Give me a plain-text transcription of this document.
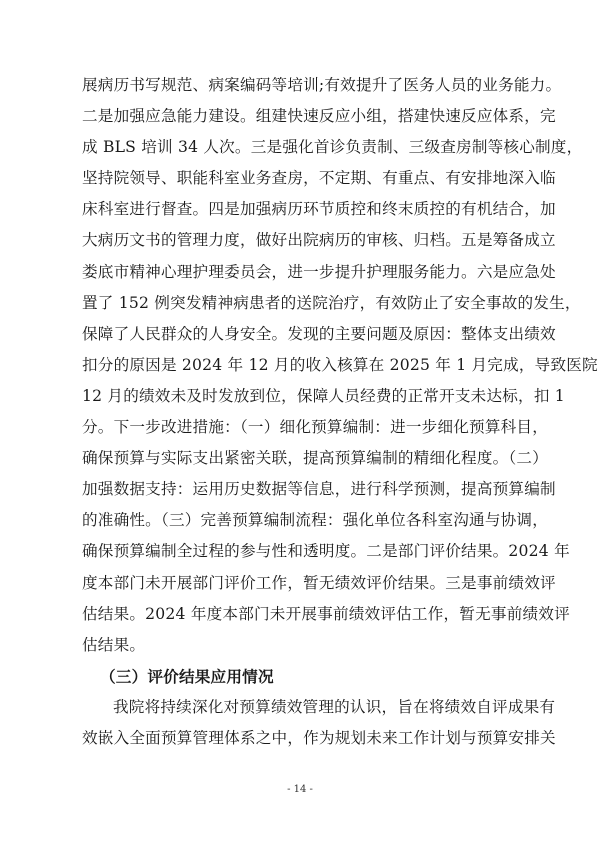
展病历书写规范、病案编码等培训;有效提升了医务人员的业务能力。
二是加强应急能力建设。组建快速反应小组，搭建快速反应体系，完
成 BLS 培训 34 人次。三是强化首诊负责制、三级查房制等核心制度，
坚持院领导、职能科室业务查房，不定期、有重点、有安排地深入临
床科室进行督查。四是加强病历环节质控和终末质控的有机结合，加
大病历文书的管理力度，做好出院病历的审核、归档。五是筹备成立
娄底市精神心理护理委员会，进一步提升护理服务能力。六是应急处
置了 152 例突发精神病患者的送院治疗，有效防止了安全事故的发生，
保障了人民群众的人身安全。发现的主要问题及原因：整体支出绩效
扣分的原因是 2024 年 12 月的收入核算在 2025 年 1 月完成，导致医院
12 月的绩效未及时发放到位，保障人员经费的正常开支未达标，扣 1
分。下一步改进措施：（一）细化预算编制：进一步细化预算科目，
确保预算与实际支出紧密关联，提高预算编制的精细化程度。（二）
加强数据支持：运用历史数据等信息，进行科学预测，提高预算编制
的准确性。（三）完善预算编制流程：强化单位各科室沟通与协调，
确保预算编制全过程的参与性和透明度。二是部门评价结果。2024 年
度本部门未开展部门评价工作，暂无绩效评价结果。三是事前绩效评
估结果。2024 年度本部门未开展事前绩效评估工作，暂无事前绩效评
估结果。
（三）评价结果应用情况
我院将持续深化对预算绩效管理的认识，旨在将绩效自评成果有
效嵌入全面预算管理体系之中，作为规划未来工作计划与预算安排关
- 14 -
